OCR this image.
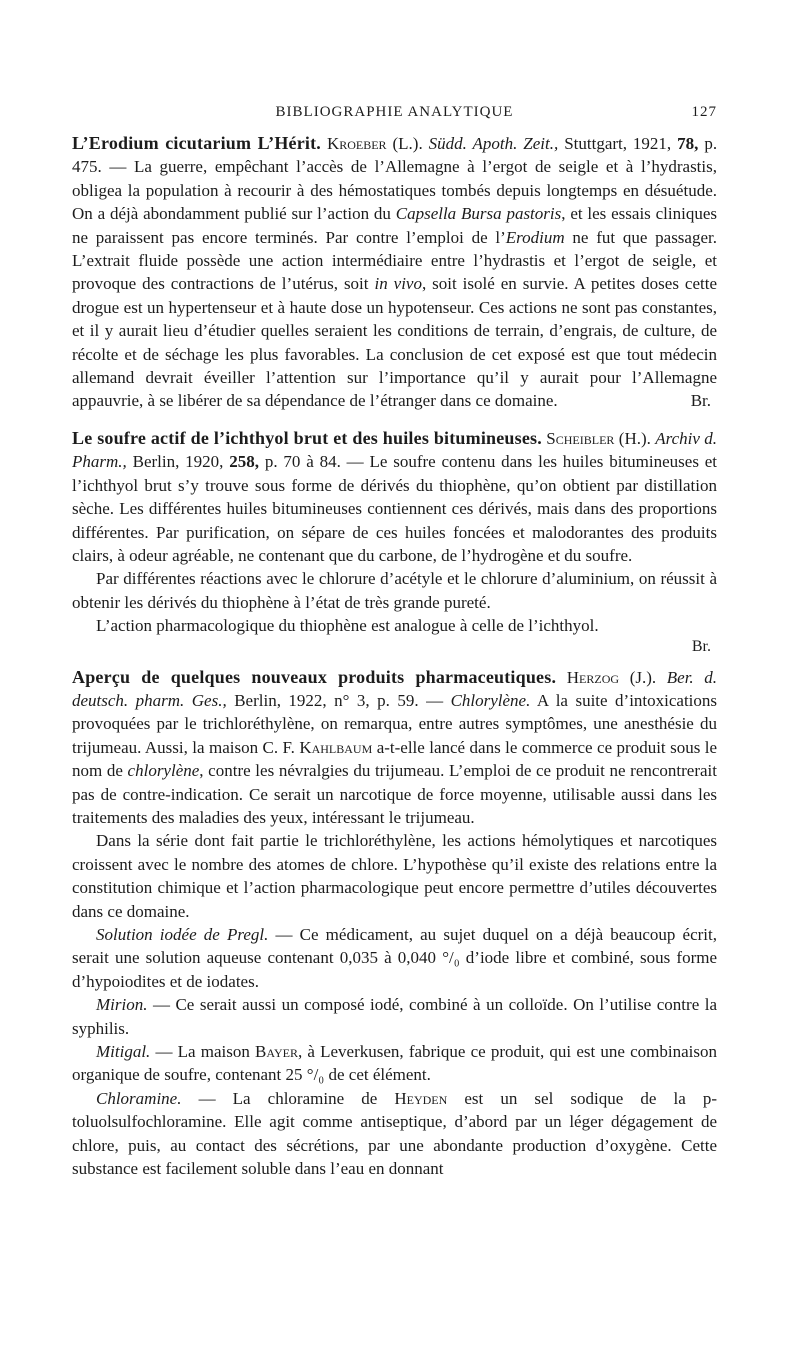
BIBLIOGRAPHIE ANALYTIQUE	127

L’Erodium cicutarium L’Hérit. Kroeber (L.). Südd. Apoth. Zeit., Stuttgart, 1921, 78, p. 475. — La guerre, empêchant l’accès de l’Allemagne à l’ergot de seigle et à l’hydrastis, obligea la population à recourir à des hémostatiques tombés depuis longtemps en désuétude. On a déjà abondamment publié sur l’action du Capsella Bursa pastoris, et les essais cliniques ne paraissent pas encore terminés. Par contre l’emploi de l’Erodium ne fut que passager. L’extrait fluide possède une action intermédiaire entre l’hydrastis et l’ergot de seigle, et provoque des contractions de l’utérus, soit in vivo, soit isolé en survie. A petites doses cette drogue est un hypertenseur et à haute dose un hypotenseur. Ces actions ne sont pas constantes, et il y aurait lieu d’étudier quelles seraient les conditions de terrain, d’engrais, de culture, de récolte et de séchage les plus favorables. La conclusion de cet exposé est que tout médecin allemand devrait éveiller l’attention sur l’importance qu’il y aurait pour l’Allemagne appauvrie, à se libérer de sa dépendance de l’étranger dans ce domaine.	Br.

Le soufre actif de l’ichthyol brut et des huiles bitumineuses. Scheibler (H.). Archiv d. Pharm., Berlin, 1920, 258, p. 70 à 84. — Le soufre contenu dans les huiles bitumineuses et l’ichthyol brut s’y trouve sous forme de dérivés du thiophène, qu’on obtient par distillation sèche. Les différentes huiles bitumineuses contiennent ces dérivés, mais dans des proportions différentes. Par purification, on sépare de ces huiles foncées et malodorantes des produits clairs, à odeur agréable, ne contenant que du carbone, de l’hydrogène et du soufre.

Par différentes réactions avec le chlorure d’acétyle et le chlorure d’aluminium, on réussit à obtenir les dérivés du thiophène à l’état de très grande pureté.

L’action pharmacologique du thiophène est analogue à celle de l’ichthyol.

Br.

Aperçu de quelques nouveaux produits pharmaceutiques. Herzog (J.). Ber. d. deutsch. pharm. Ges., Berlin, 1922, n° 3, p. 59. — Chlorylène. A la suite d’intoxications provoquées par le trichloréthylène, on remarqua, entre autres symptômes, une anesthésie du trijumeau. Aussi, la maison C. F. Kahlbaum a-t-elle lancé dans le commerce ce produit sous le nom de chlorylène, contre les névralgies du trijumeau. L’emploi de ce produit ne rencontrerait pas de contre-indication. Ce serait un narcotique de force moyenne, utilisable aussi dans les traitements des maladies des yeux, intéressant le trijumeau.

Dans la série dont fait partie le trichloréthylène, les actions hémolytiques et narcotiques croissent avec le nombre des atomes de chlore. L’hypothèse qu’il existe des relations entre la constitution chimique et l’action pharmacologique peut encore permettre d’utiles découvertes dans ce domaine.

Solution iodée de Pregl. — Ce médicament, au sujet duquel on a déjà beaucoup écrit, serait une solution aqueuse contenant 0,035 à 0,040 °/₀ d’iode libre et combiné, sous forme d’hypoiodites et de iodates.

Mirion. — Ce serait aussi un composé iodé, combiné à un colloïde. On l’utilise contre la syphilis.

Mitigal. — La maison Bayer, à Leverkusen, fabrique ce produit, qui est une combinaison organique de soufre, contenant 25 °/₀ de cet élément.

Chloramine. — La chloramine de Heyden est un sel sodique de la p-toluolsulfochloramine. Elle agit comme antiseptique, d’abord par un léger dégagement de chlore, puis, au contact des sécrétions, par une abondante production d’oxygène. Cette substance est facilement soluble dans l’eau en donnant
